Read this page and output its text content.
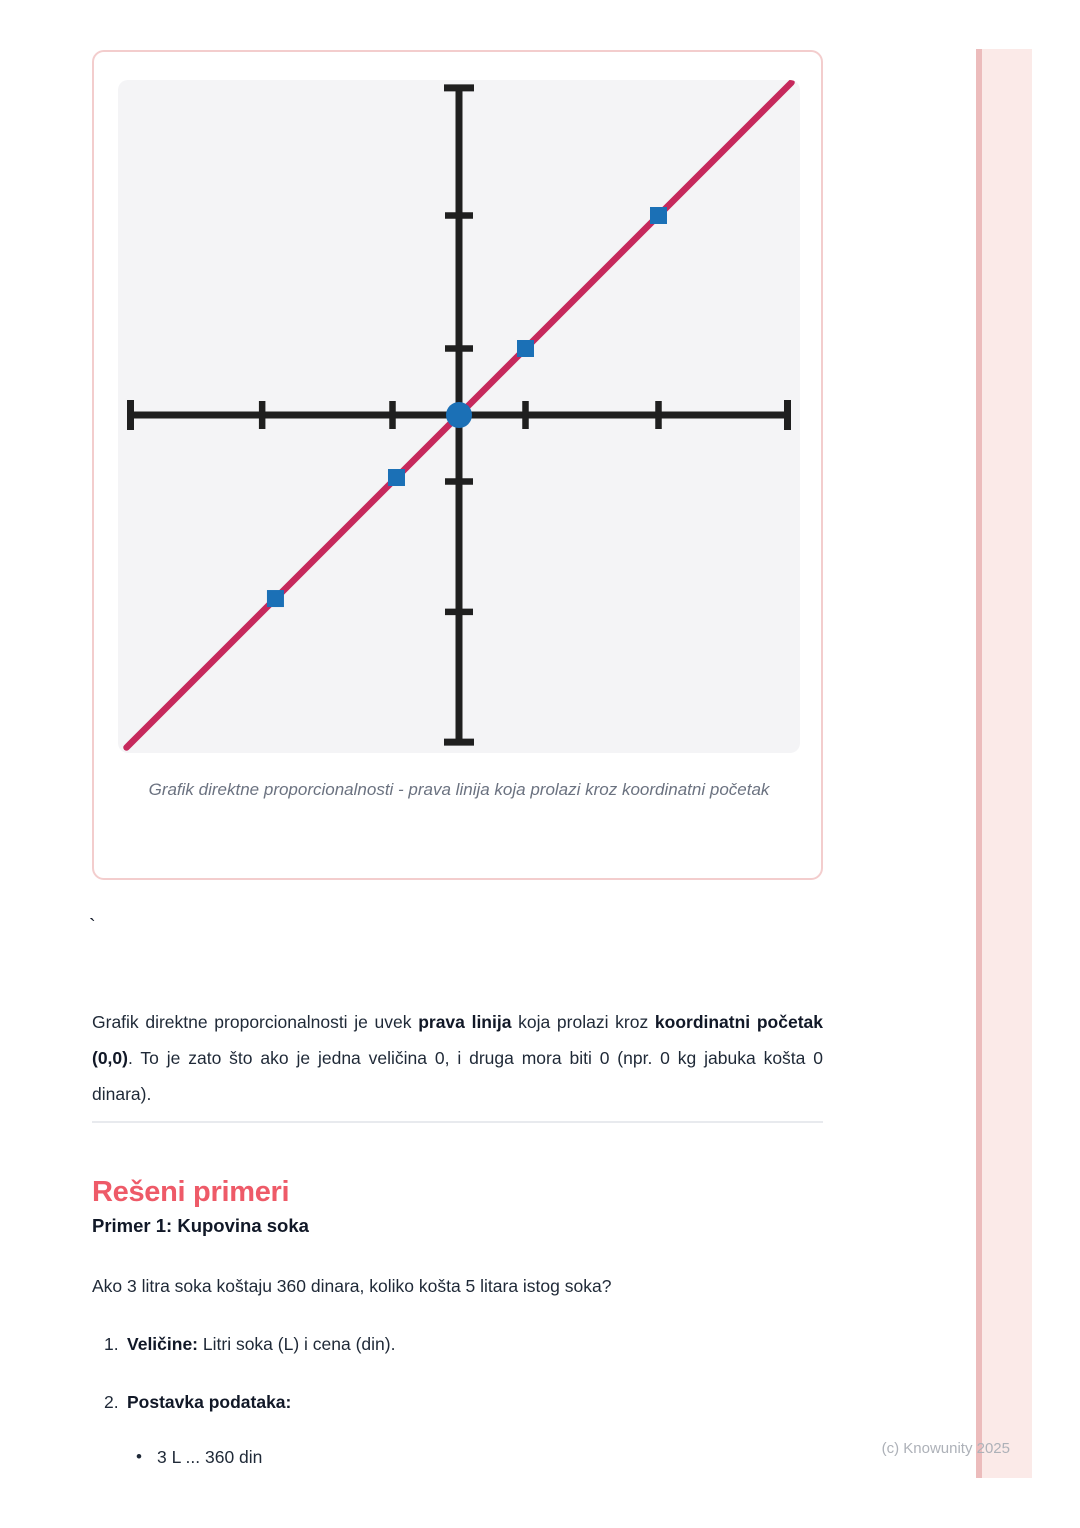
Grafik direktne proporcionalnosti - prava linija koja prolazi kroz koordinatni početak
`

Grafik direktne proporcionalnosti je uvek prava linija koja prolazi kroz koordinatni početak (0,0). To je zato što ako je jedna veličina 0, i druga mora biti 0 (npr. 0 kg jabuka košta 0 dinara).

Rešeni primeri
Primer 1: Kupovina soka
Ako 3 litra soka koštaju 360 dinara, koliko košta 5 litara istog soka?
1. Veličine: Litri soka (L) i cena (din).
2. Postavka podataka:
• 3 L ... 360 din	(c) Knowunity 2025
